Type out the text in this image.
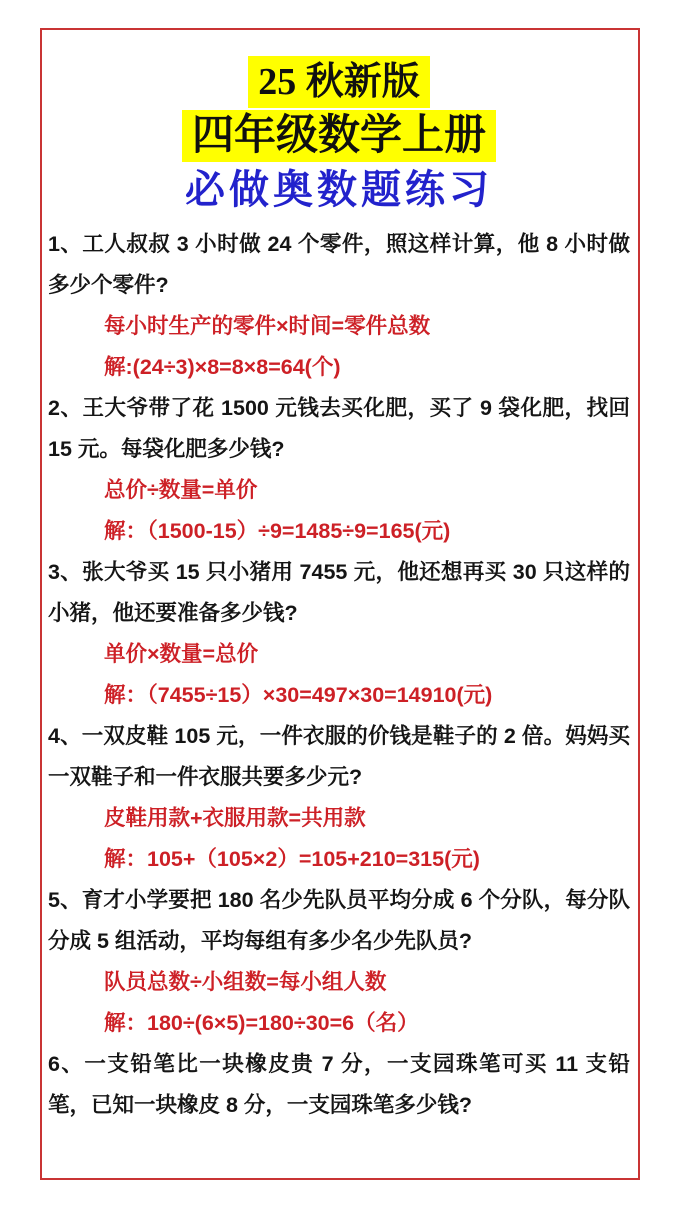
25 秋新版
四年级数学上册
必做奥数题练习
1、工人叔叔 3 小时做 24 个零件，照这样计算，他 8 小时做多少个零件?
每小时生产的零件×时间=零件总数
解:(24÷3)×8=8×8=64(个)
2、王大爷带了花 1500 元钱去买化肥，买了 9 袋化肥，找回 15 元。每袋化肥多少钱?
总价÷数量=单价
解：（1500-15）÷9=1485÷9=165(元)
3、张大爷买 15 只小猪用 7455 元，他还想再买 30 只这样的小猪，他还要准备多少钱?
单价×数量=总价
解：（7455÷15）×30=497×30=14910(元)
4、一双皮鞋 105 元，一件衣服的价钱是鞋子的 2 倍。妈妈买一双鞋子和一件衣服共要多少元?
皮鞋用款+衣服用款=共用款
解：105+（105×2）=105+210=315(元)
5、育才小学要把 180 名少先队员平均分成 6 个分队，每分队分成 5 组活动，平均每组有多少名少先队员?
队员总数÷小组数=每小组人数
解：180÷(6×5)=180÷30=6（名）
6、一支铅笔比一块橡皮贵 7 分，一支园珠笔可买 11 支铅笔，已知一块橡皮 8 分，一支园珠笔多少钱?
